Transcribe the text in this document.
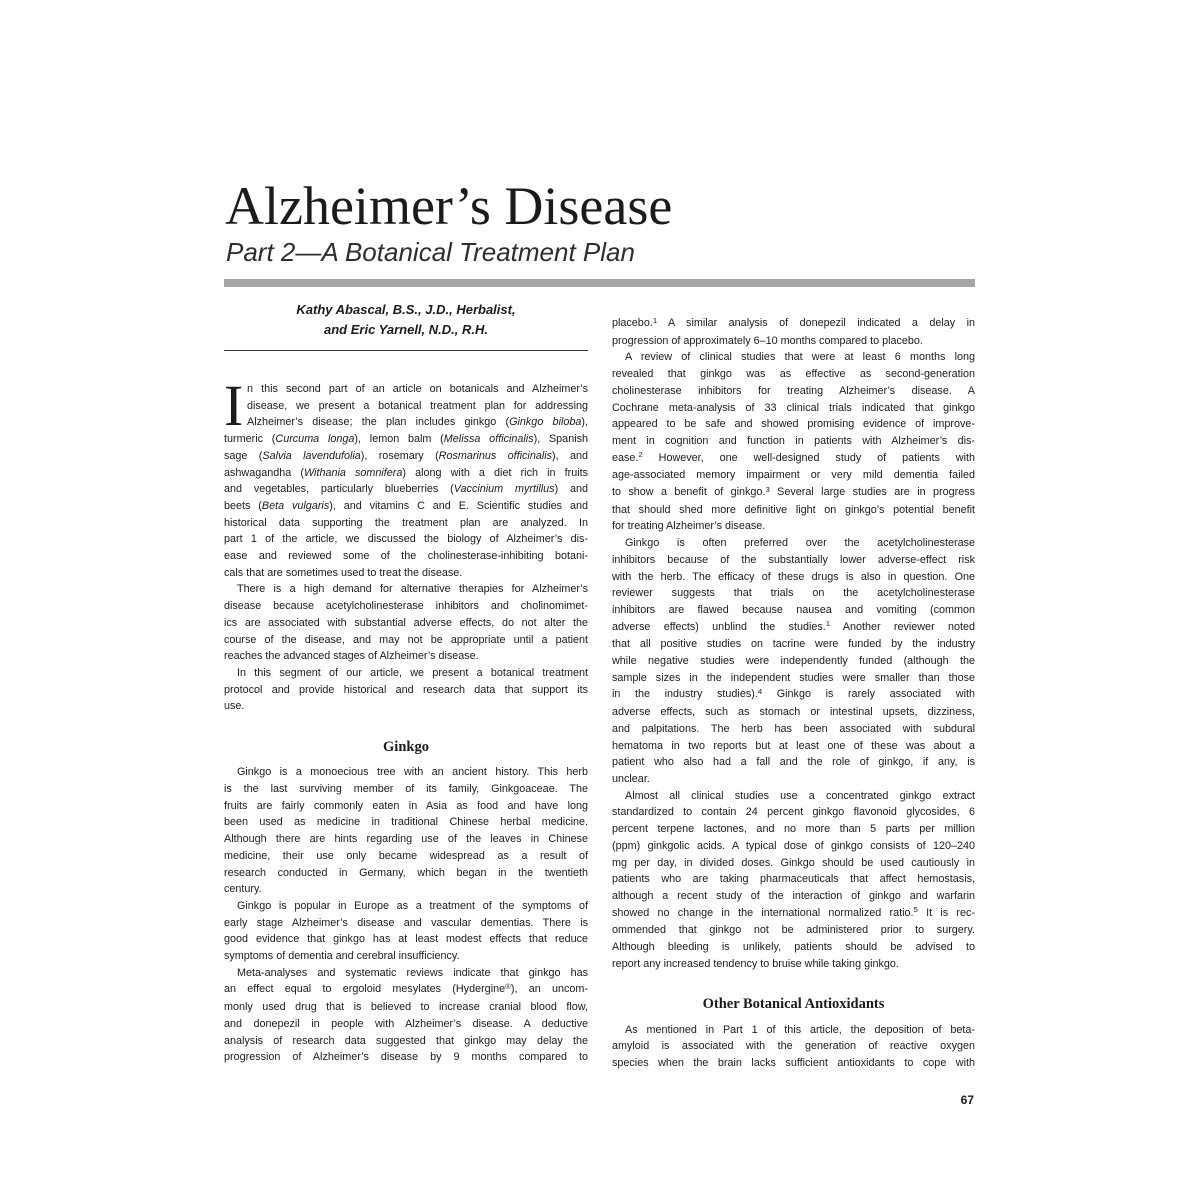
Alzheimer’s Disease
Part 2—A Botanical Treatment Plan
Kathy Abascal, B.S., J.D., Herbalist,
and Eric Yarnell, N.D., R.H.
I n this second part of an article on botanicals and Alzheimer’s
disease, we present a botanical treatment plan for addressing
Alzheimer’s disease; the plan includes ginkgo (Ginkgo biloba),
turmeric (Curcuma longa), lemon balm (Melissa officinalis), Spanish
sage (Salvia lavendufolia), rosemary (Rosmarinus officinalis), and
ashwagandha (Withania somnifera) along with a diet rich in fruits
and vegetables, particularly blueberries (Vaccinium myrtillus) and
beets (Beta vulgaris), and vitamins C and E. Scientific studies and
historical data supporting the treatment plan are analyzed. In
part 1 of the article, we discussed the biology of Alzheimer’s dis-
ease and reviewed some of the cholinesterase-inhibiting botani-
cals that are sometimes used to treat the disease.
There is a high demand for alternative therapies for Alzheimer’s
disease because acetylcholinesterase inhibitors and cholinomimet-
ics are associated with substantial adverse effects, do not alter the
course of the disease, and may not be appropriate until a patient
reaches the advanced stages of Alzheimer’s disease.
In this segment of our article, we present a botanical treatment
protocol and provide historical and research data that support its
use.
Ginkgo
Ginkgo is a monoecious tree with an ancient history. This herb
is the last surviving member of its family, Ginkgoaceae. The
fruits are fairly commonly eaten in Asia as food and have long
been used as medicine in traditional Chinese herbal medicine.
Although there are hints regarding use of the leaves in Chinese
medicine, their use only became widespread as a result of
research conducted in Germany, which began in the twentieth
century.
Ginkgo is popular in Europe as a treatment of the symptoms of
early stage Alzheimer’s disease and vascular dementias. There is
good evidence that ginkgo has at least modest effects that reduce
symptoms of dementia and cerebral insufficiency.
Meta-analyses and systematic reviews indicate that ginkgo has
an effect equal to ergoloid mesylates (Hydergine®), an uncom-
monly used drug that is believed to increase cranial blood flow,
and donepezil in people with Alzheimer’s disease. A deductive
analysis of research data suggested that ginkgo may delay the
progression of Alzheimer’s disease by 9 months compared to
placebo.$^1$ A similar analysis of donepezil indicated a delay in
progression of approximately 6–10 months compared to placebo.
A review of clinical studies that were at least 6 months long
revealed that ginkgo was as effective as second-generation
cholinesterase inhibitors for treating Alzheimer’s disease. A
Cochrane meta-analysis of 33 clinical trials indicated that ginkgo
appeared to be safe and showed promising evidence of improve-
ment in cognition and function in patients with Alzheimer’s dis-
ease.$^2$ However, one well-designed study of patients with
age-associated memory impairment or very mild dementia failed
to show a benefit of ginkgo.$^3$ Several large studies are in progress
that should shed more definitive light on ginkgo’s potential benefit
for treating Alzheimer’s disease.
Ginkgo is often preferred over the acetylcholinesterase
inhibitors because of the substantially lower adverse-effect risk
with the herb. The efficacy of these drugs is also in question. One
reviewer suggests that trials on the acetylcholinesterase
inhibitors are flawed because nausea and vomiting (common
adverse effects) unblind the studies.$^1$ Another reviewer noted
that all positive studies on tacrine were funded by the industry
while negative studies were independently funded (although the
sample sizes in the independent studies were smaller than those
in the industry studies).$^4$ Ginkgo is rarely associated with
adverse effects, such as stomach or intestinal upsets, dizziness,
and palpitations. The herb has been associated with subdural
hematoma in two reports but at least one of these was about a
patient who also had a fall and the role of ginkgo, if any, is
unclear.
Almost all clinical studies use a concentrated ginkgo extract
standardized to contain 24 percent ginkgo flavonoid glycosides, 6
percent terpene lactones, and no more than 5 parts per million
(ppm) ginkgolic acids. A typical dose of ginkgo consists of 120–240
mg per day, in divided doses. Ginkgo should be used cautiously in
patients who are taking pharmaceuticals that affect hemostasis,
although a recent study of the interaction of ginkgo and warfarin
showed no change in the international normalized ratio.$^5$ It is rec-
ommended that ginkgo not be administered prior to surgery.
Although bleeding is unlikely, patients should be advised to
report any increased tendency to bruise while taking ginkgo.
Other Botanical Antioxidants
As mentioned in Part 1 of this article, the deposition of beta-
amyloid is associated with the generation of reactive oxygen
species when the brain lacks sufficient antioxidants to cope with
67
